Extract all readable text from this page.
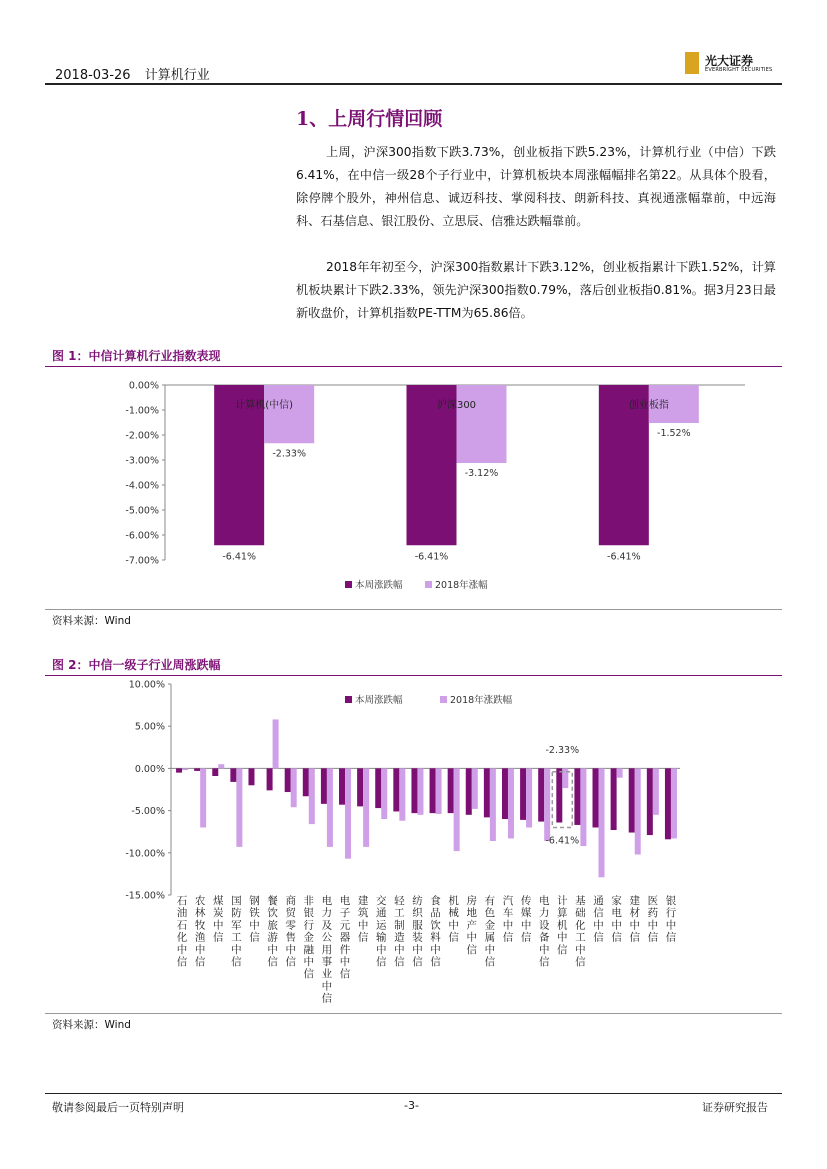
2018-03-26 计算机行业
光大证券
EVERBRIGHT SECURITIES
1、上周行情回顾
上周，沪深300指数下跌3.73%，创业板指下跌5.23%，计算机行业（中信）下跌6.41%，在中信一级28个子行业中，计算机板块本周涨幅幅排名第22。从具体个股看，除停牌个股外，神州信息、诚迈科技、掌阅科技、朗新科技、真视通涨幅靠前，中远海科、石基信息、银江股份、立思辰、信雅达跌幅靠前。
2018年年初至今，沪深300指数累计下跌3.12%，创业板指累计下跌1.52%，计算机板块累计下跌2.33%，领先沪深300指数0.79%，落后创业板指0.81%。据3月23日最新收盘价，计算机指数PE-TTM为65.86倍。
图 1：中信计算机行业指数表现
0.00%
-1.00%
-2.00%
-3.00%
-4.00%
-5.00%
-6.00%
-7.00%	-6.41%
-2.33%
计算机(中信)
-6.41%
-3.12%
沪深300
-6.41%
-1.52%
创业板指
本周涨跌幅	2018年涨幅
资料来源：Wind
图 2：中信一级子行业周涨跌幅
10.00%
5.00%
0.00%
-5.00%
-10.00%
-15.00% 石油石化中信
农林牧渔中信
煤炭中信
国防军工中信
钢铁中信
餐饮旅游中信
商贸零售中信
非银行金融中信
电力及公用事业中信
电子元器件中信
建筑中信
交通运输中信
轻工制造中信
纺织服装中信
食品饮料中信
机械中信
房地产中信
有色金属中信
汽车中信
传媒中信
电力设备中信
计算机中信
基础化工中信
通信中信
家电中信
建材中信
医药中信
银行中信
-2.33%
-6.41%
本周涨跌幅	2018年涨跌幅
资料来源：Wind
敬请参阅最后一页特别声明	-3-	证券研究报告
